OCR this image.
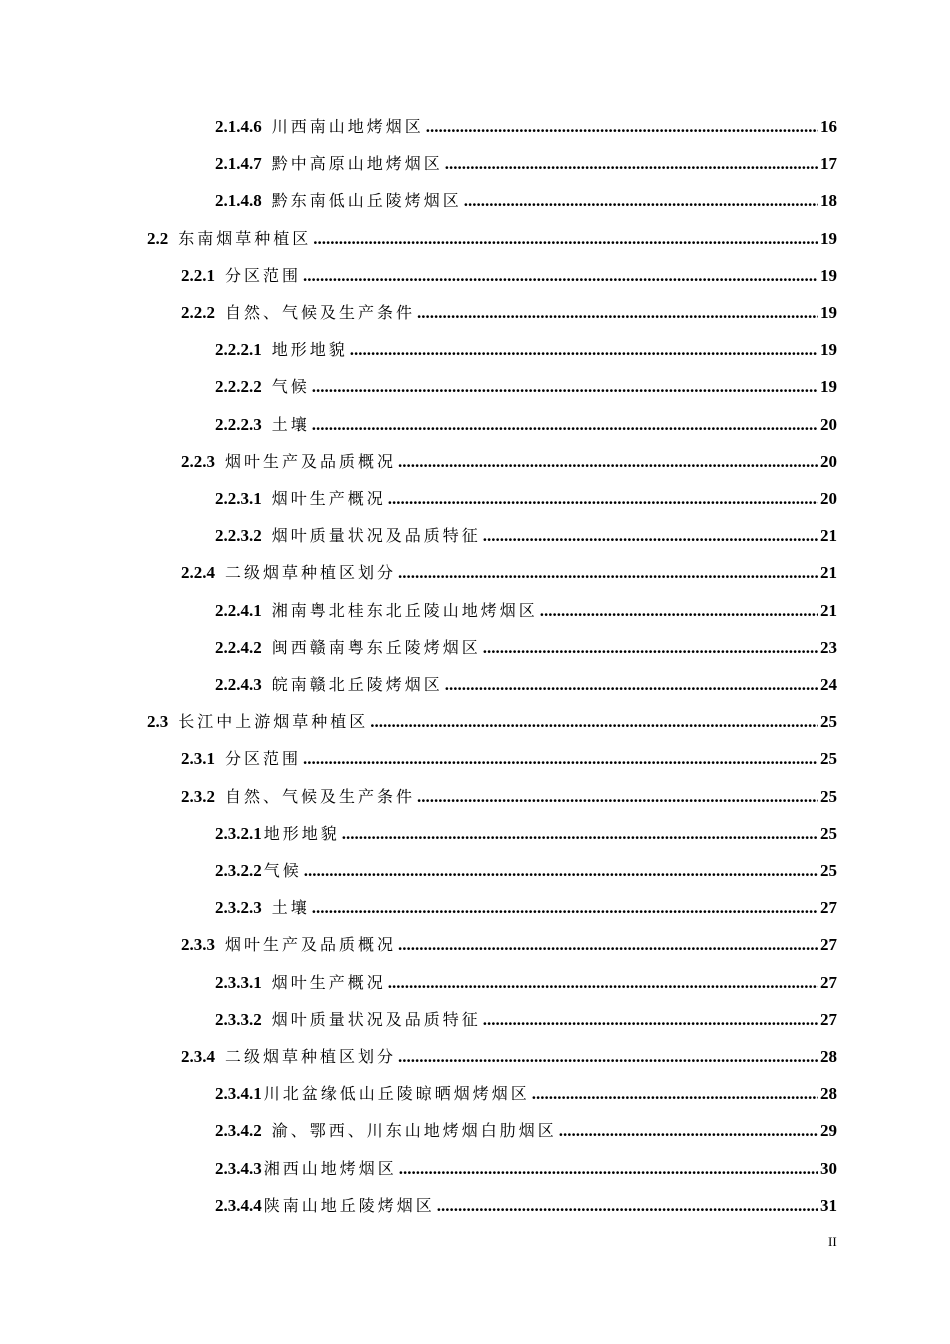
2.1.4.6 川西南山地烤烟区 .....	16
2.1.4.7 黔中高原山地烤烟区 .....	17
2.1.4.8 黔东南低山丘陵烤烟区 .....	18
2.2 东南烟草种植区 .....	19
2.2.1 分区范围 .....	19
2.2.2 自然、气候及生产条件 .....	19
2.2.2.1 地形地貌 .....	19
2.2.2.2 气候 .....	19
2.2.2.3 土壤 .....	20
2.2.3 烟叶生产及品质概况 .....	20
2.2.3.1 烟叶生产概况 .....	20
2.2.3.2 烟叶质量状况及品质特征 .....	21
2.2.4 二级烟草种植区划分 .....	21
2.2.4.1 湘南粤北桂东北丘陵山地烤烟区 .....	21
2.2.4.2 闽西赣南粤东丘陵烤烟区 .....	23
2.2.4.3 皖南赣北丘陵烤烟区 .....	24
2.3 长江中上游烟草种植区 .....	25
2.3.1 分区范围 .....	25
2.3.2 自然、气候及生产条件 .....	25
2.3.2.1 地形地貌 .....	25
2.3.2.2 气候 .....	25
2.3.2.3 土壤 .....	27
2.3.3 烟叶生产及品质概况 .....	27
2.3.3.1 烟叶生产概况 .....	27
2.3.3.2 烟叶质量状况及品质特征 .....	27
2.3.4 二级烟草种植区划分 .....	28
2.3.4.1 川北盆缘低山丘陵晾晒烟烤烟区 .....	28
2.3.4.2 渝、鄂西、川东山地烤烟白肋烟区 .....	29
2.3.4.3 湘西山地烤烟区 .....	30
2.3.4.4 陕南山地丘陵烤烟区 .....	31
II
